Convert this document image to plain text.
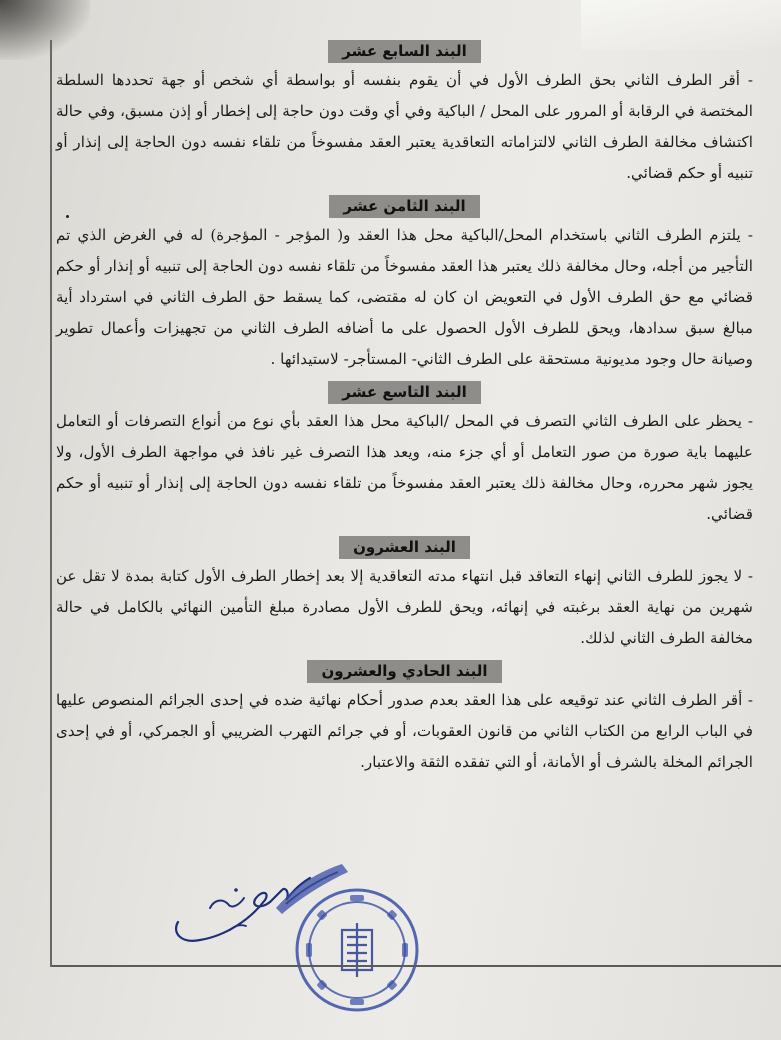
البند السابع عشر

- أقر الطرف الثاني بحق الطرف الأول في أن يقوم بنفسه أو بواسطة أي شخص أو جهة تحددها السلطة المختصة في الرقابة أو المرور على المحل / الباكية وفي أي وقت دون حاجة إلى إخطار أو إذن مسبق، وفي حالة اكتشاف مخالفة الطرف الثاني لالتزاماته التعاقدية يعتبر العقد مفسوخاً من تلقاء نفسه دون الحاجة إلى إنذار أو تنبيه أو حكم قضائي.

البند الثامن عشر

- يلتزم الطرف الثاني باستخدام المحل/الباكية محل هذا العقد و( المؤجر - المؤجرة) له في الغرض الذي تم التأجير من أجله، وحال مخالفة ذلك يعتبر هذا العقد مفسوخاً من تلقاء نفسه دون الحاجة إلى تنبيه أو إنذار أو حكم قضائي مع حق الطرف الأول في التعويض ان كان له مقتضى، كما يسقط حق الطرف الثاني في استرداد أية مبالغ سبق سدادها، ويحق للطرف الأول الحصول على ما أضافه الطرف الثاني من تجهيزات وأعمال تطوير وصيانة حال وجود مديونية مستحقة على الطرف الثاني- المستأجر- لاستيدائها .

البند التاسع عشر

- يحظر على الطرف الثاني التصرف في المحل /الباكية محل هذا العقد بأي نوع من أنواع التصرفات أو التعامل عليهما باية صورة من صور التعامل أو أي جزء منه، ويعد هذا التصرف غير نافذ في مواجهة الطرف الأول، ولا يجوز شهر محرره، وحال مخالفة ذلك يعتبر العقد مفسوخاً من تلقاء نفسه دون الحاجة إلى إنذار أو تنبيه أو حكم قضائي.

البند العشرون

- لا يجوز للطرف الثاني إنهاء التعاقد قبل انتهاء مدته التعاقدية إلا بعد إخطار الطرف الأول كتابة بمدة لا تقل عن شهرين من نهاية العقد برغبته في إنهائه، ويحق للطرف الأول مصادرة مبلغ التأمين النهائي بالكامل في حالة مخالفة الطرف الثاني لذلك.

البند الحادي والعشرون

- أقر الطرف الثاني عند توقيعه على هذا العقد بعدم صدور أحكام نهائية ضده في إحدى الجرائم المنصوص عليها في الباب الرابع من الكتاب الثاني من قانون العقوبات، أو في جرائم التهرب الضريبي أو الجمركي، أو في إحدى الجرائم المخلة بالشرف أو الأمانة، أو التي تفقده الثقة والاعتبار.
